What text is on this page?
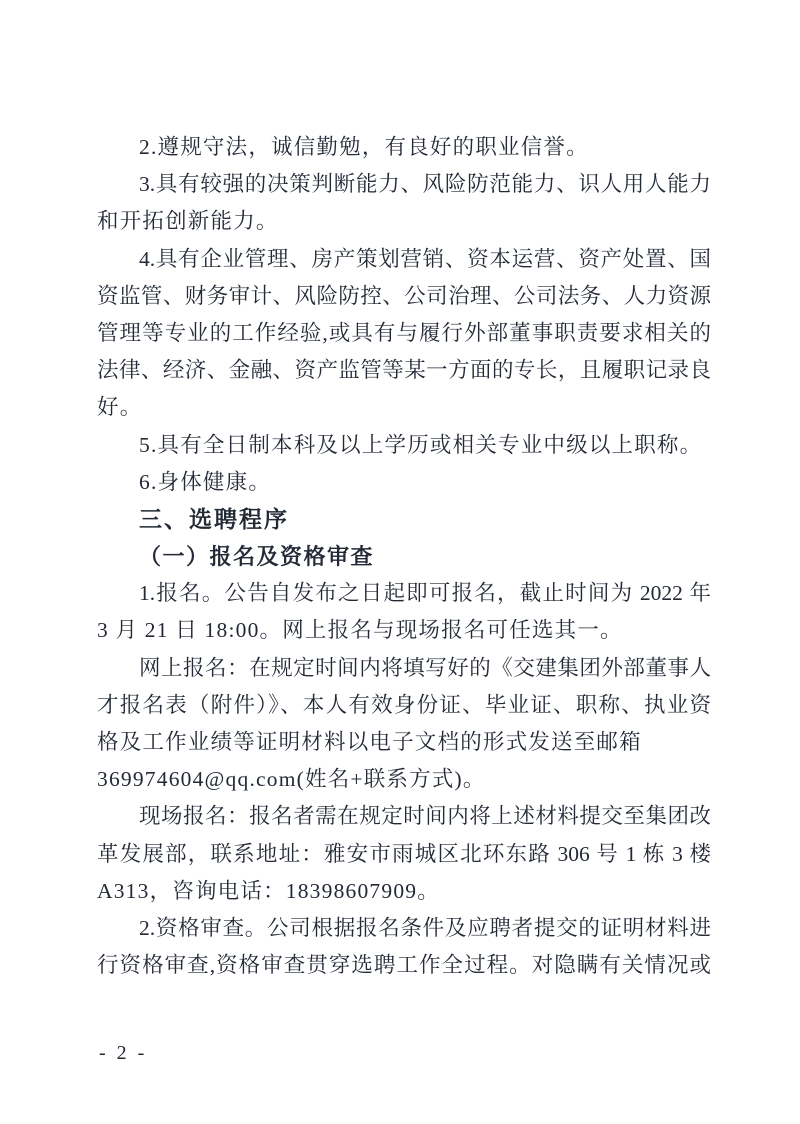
2.遵规守法，诚信勤勉，有良好的职业信誉。
3.具有较强的决策判断能力、风险防范能力、识人用人能力
和开拓创新能力。
4.具有企业管理、房产策划营销、资本运营、资产处置、国
资监管、财务审计、风险防控、公司治理、公司法务、人力资源
管理等专业的工作经验,或具有与履行外部董事职责要求相关的
法律、经济、金融、资产监管等某一方面的专长，且履职记录良
好。
5.具有全日制本科及以上学历或相关专业中级以上职称。
6.身体健康。
三、选聘程序
（一）报名及资格审查
1.报名。公告自发布之日起即可报名，截止时间为 2022 年
3 月 21 日 18:00。网上报名与现场报名可任选其一。
网上报名：在规定时间内将填写好的《交建集团外部董事人
才报名表（附件）》、本人有效身份证、毕业证、职称、执业资
格及工作业绩等证明材料以电子文档的形式发送至邮箱
369974604@qq.com(姓名+联系方式)。
现场报名：报名者需在规定时间内将上述材料提交至集团改
革发展部，联系地址：雅安市雨城区北环东路 306 号 1 栋 3 楼
A313，咨询电话：18398607909。
2.资格审查。公司根据报名条件及应聘者提交的证明材料进
行资格审查,资格审查贯穿选聘工作全过程。对隐瞒有关情况或
- 2 -
